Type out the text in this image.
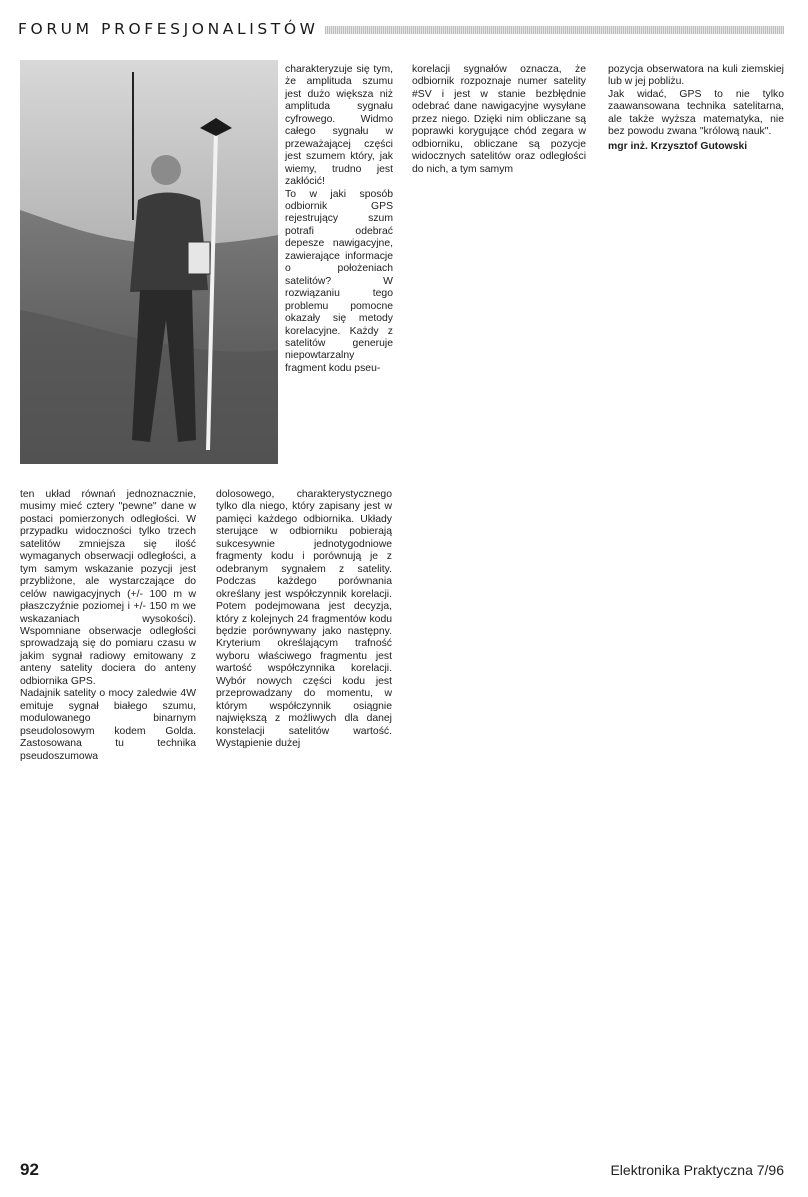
FORUM PROFESJONALISTÓW

charakteryzuje się tym, że amplituda szumu jest dużo większa niż amplituda sygnału cyfrowego. Widmo całego sygnału w przeważającej części jest szumem który, jak wiemy, trudno jest zakłócić!

To w jaki sposób odbiornik GPS rejestrujący szum potrafi odebrać depesze nawigacyjne, zawierające informacje o położeniach satelitów? W rozwiązaniu tego problemu pomocne okazały się metody korelacyjne. Każdy z satelitów generuje niepowtarzalny fragment kodu pseu-

ten układ równań jednoznacznie, musimy mieć cztery "pewne" dane w postaci pomierzonych odległości. W przypadku widoczności tylko trzech satelitów zmniejsza się ilość wymaganych obserwacji odległości, a tym samym wskazanie pozycji jest przybliżone, ale wystarczające do celów nawigacyjnych (+/- 100 m w płaszczyźnie poziomej i +/- 150 m we wskazaniach wysokości). Wspomniane obserwacje odległości sprowadzają się do pomiaru czasu w jakim sygnał radiowy emitowany z anteny satelity dociera do anteny odbiornika GPS.

Nadajnik satelity o mocy zaledwie 4W emituje sygnał białego szumu, modulowanego binarnym pseudolosowym kodem Golda. Zastosowana tu technika pseudoszumowa

dolosowego, charakterystycznego tylko dla niego, który zapisany jest w pamięci każdego odbiornika. Układy sterujące w odbiorniku pobierają sukcesywnie jednotygodniowe fragmenty kodu i porównują je z odebranym sygnałem z satelity. Podczas każdego porównania określany jest współczynnik korelacji. Potem podejmowana jest decyzja, który z kolejnych 24 fragmentów kodu będzie porównywany jako następny. Kryterium określającym trafność wyboru właściwego fragmentu jest wartość współczynnika korelacji. Wybór nowych części kodu jest przeprowadzany do momentu, w którym współczynnik osiągnie największą z możliwych dla danej konstelacji satelitów wartość. Wystąpienie dużej

korelacji sygnałów oznacza, że odbiornik rozpoznaje numer satelity #SV i jest w stanie bezbłędnie odebrać dane nawigacyjne wysyłane przez niego. Dzięki nim obliczane są poprawki korygujące chód zegara w odbiorniku, obliczane są pozycje widocznych satelitów oraz odległości do nich, a tym samym

pozycja obserwatora na kuli ziemskiej lub w jej pobliżu.

Jak widać, GPS to nie tylko zaawansowana technika satelitarna, ale także wyższa matematyka, nie bez powodu zwana "królową nauk".

mgr inż. Krzysztof Gutowski

92	Elektronika Praktyczna 7/96
